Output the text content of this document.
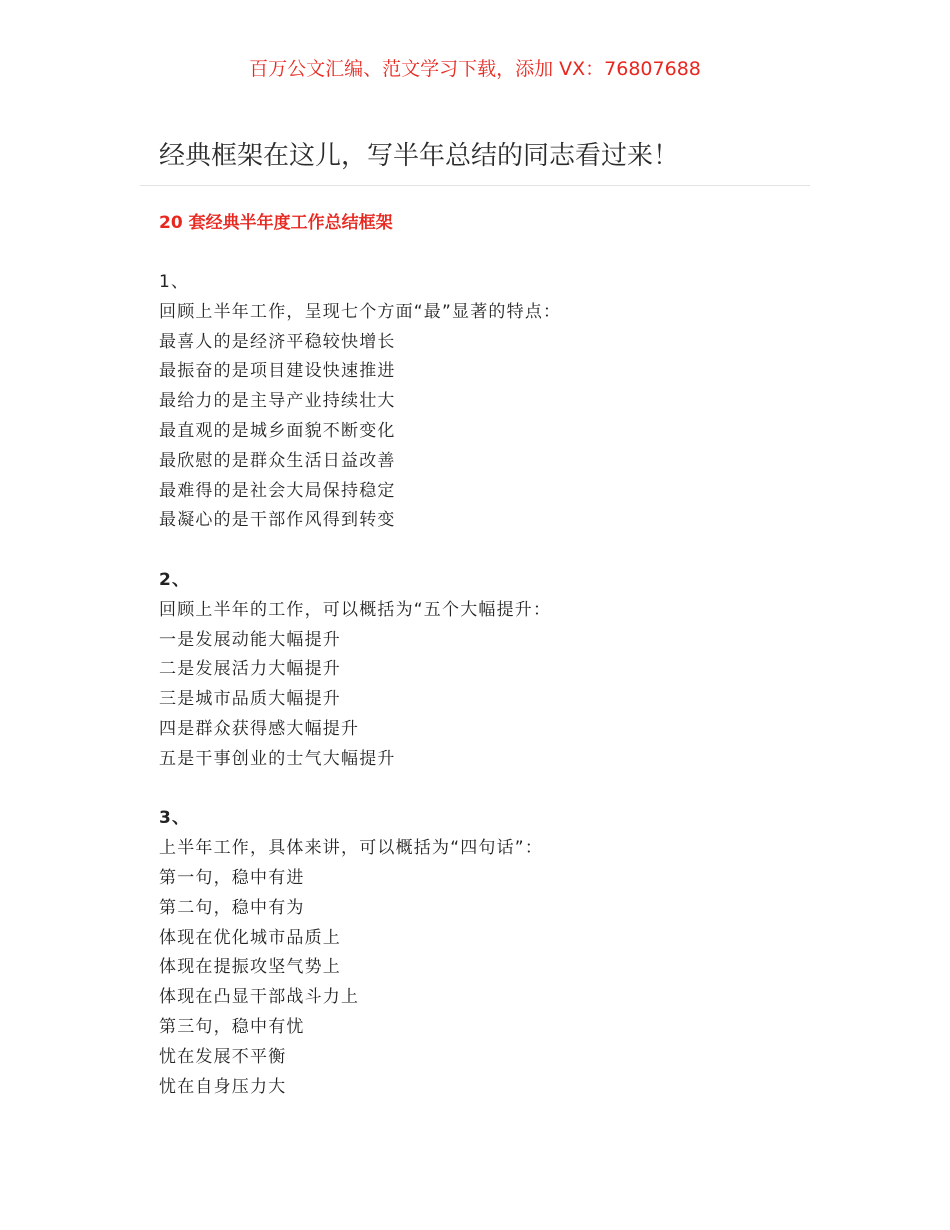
百万公文汇编、范文学习下载，添加 VX：76807688
经典框架在这儿，写半年总结的同志看过来！
20 套经典半年度工作总结框架
1、
回顾上半年工作，呈现七个方面“最”显著的特点：
最喜人的是经济平稳较快增长
最振奋的是项目建设快速推进
最给力的是主导产业持续壮大
最直观的是城乡面貌不断变化
最欣慰的是群众生活日益改善
最难得的是社会大局保持稳定
最凝心的是干部作风得到转变
2、
回顾上半年的工作，可以概括为“五个大幅提升：
一是发展动能大幅提升
二是发展活力大幅提升
三是城市品质大幅提升
四是群众获得感大幅提升
五是干事创业的士气大幅提升
3、
上半年工作，具体来讲，可以概括为“四句话”：
第一句，稳中有进
第二句，稳中有为
体现在优化城市品质上
体现在提振攻坚气势上
体现在凸显干部战斗力上
第三句，稳中有忧
忧在发展不平衡
忧在自身压力大
